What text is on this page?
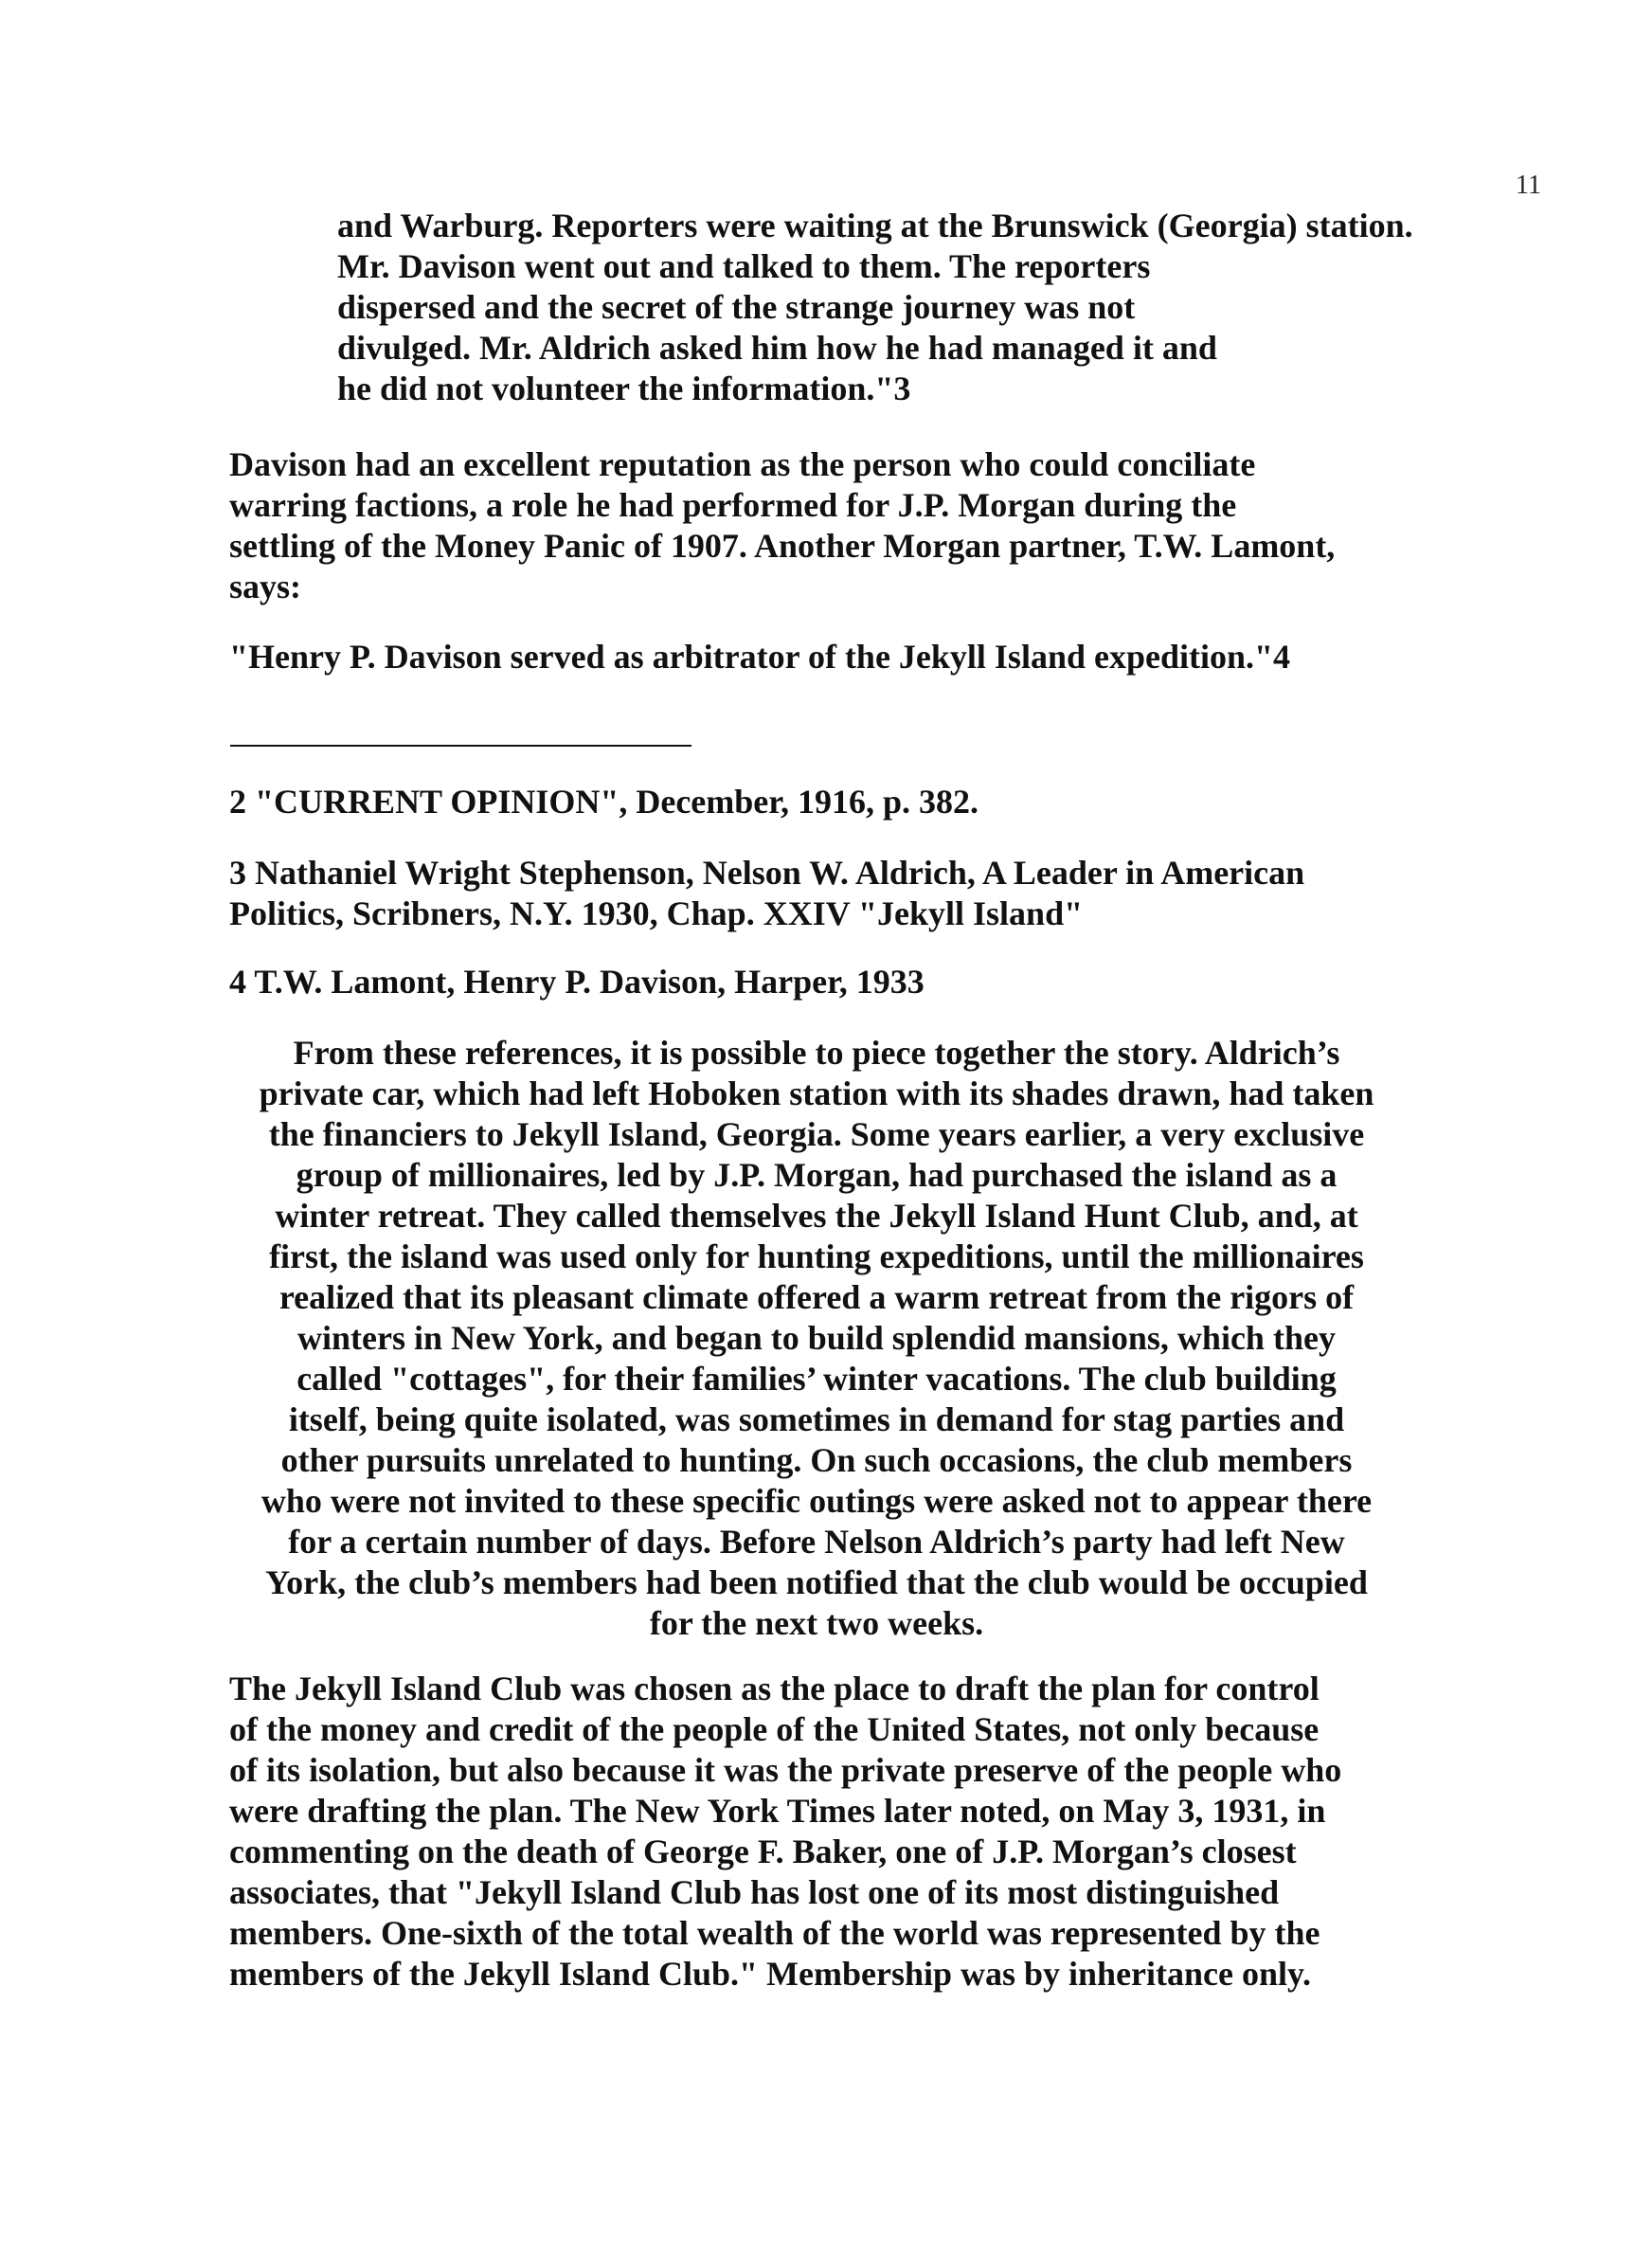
11
and Warburg. Reporters were waiting at the Brunswick (Georgia) station.
Mr. Davison went out and talked to them. The reporters
dispersed and the secret of the strange journey was not
divulged. Mr. Aldrich asked him how he had managed it and
he did not volunteer the information."3
Davison had an excellent reputation as the person who could conciliate
warring factions, a role he had performed for J.P. Morgan during the
settling of the Money Panic of 1907. Another Morgan partner, T.W. Lamont,
says:
"Henry P. Davison served as arbitrator of the Jekyll Island expedition."4
2 "CURRENT OPINION", December, 1916, p. 382.
3 Nathaniel Wright Stephenson, Nelson W. Aldrich, A Leader in American
Politics, Scribners, N.Y. 1930, Chap. XXIV "Jekyll Island"
4 T.W. Lamont, Henry P. Davison, Harper, 1933
From these references, it is possible to piece together the story. Aldrich’s
private car, which had left Hoboken station with its shades drawn, had taken
the financiers to Jekyll Island, Georgia. Some years earlier, a very exclusive
group of millionaires, led by J.P. Morgan, had purchased the island as a
winter retreat. They called themselves the Jekyll Island Hunt Club, and, at
first, the island was used only for hunting expeditions, until the millionaires
realized that its pleasant climate offered a warm retreat from the rigors of
winters in New York, and began to build splendid mansions, which they
called "cottages", for their families’ winter vacations. The club building
itself, being quite isolated, was sometimes in demand for stag parties and
other pursuits unrelated to hunting. On such occasions, the club members
who were not invited to these specific outings were asked not to appear there
for a certain number of days. Before Nelson Aldrich’s party had left New
York, the club’s members had been notified that the club would be occupied
for the next two weeks.
The Jekyll Island Club was chosen as the place to draft the plan for control
of the money and credit of the people of the United States, not only because
of its isolation, but also because it was the private preserve of the people who
were drafting the plan. The New York Times later noted, on May 3, 1931, in
commenting on the death of George F. Baker, one of J.P. Morgan’s closest
associates, that "Jekyll Island Club has lost one of its most distinguished
members. One-sixth of the total wealth of the world was represented by the
members of the Jekyll Island Club." Membership was by inheritance only.
